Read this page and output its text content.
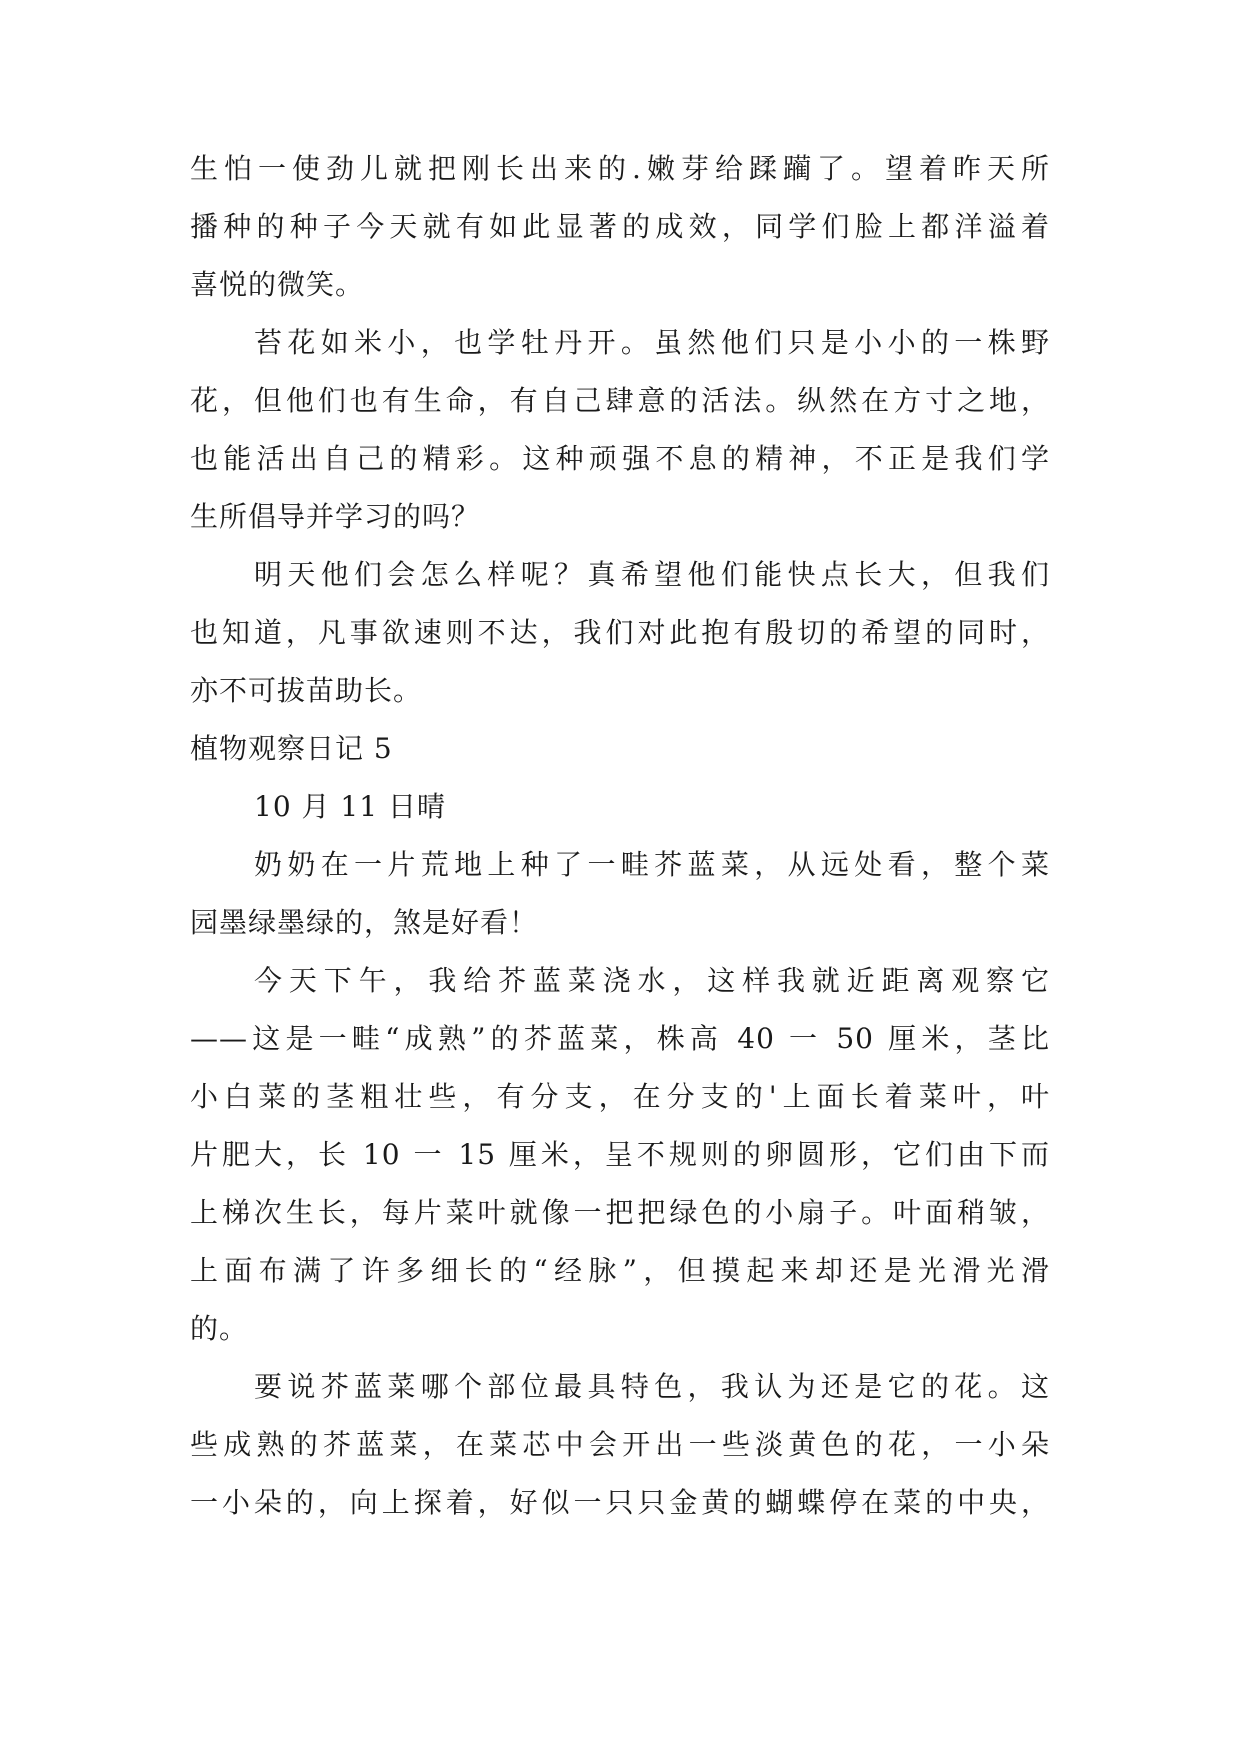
生怕一使劲儿就把刚长出来的.嫩芽给蹂躏了。望着昨天所
播种的种子今天就有如此显著的成效，同学们脸上都洋溢着
喜悦的微笑。
苔花如米小，也学牡丹开。虽然他们只是小小的一株野
花，但他们也有生命，有自己肆意的活法。纵然在方寸之地，
也能活出自己的精彩。这种顽强不息的精神，不正是我们学
生所倡导并学习的吗？
明天他们会怎么样呢？真希望他们能快点长大，但我们
也知道，凡事欲速则不达，我们对此抱有殷切的希望的同时，
亦不可拔苗助长。
植物观察日记 5
10 月 11 日晴
奶奶在一片荒地上种了一畦芥蓝菜，从远处看，整个菜
园墨绿墨绿的，煞是好看！
今天下午，我给芥蓝菜浇水，这样我就近距离观察它
——这是一畦“成熟”的芥蓝菜，株高 40 一 50 厘米，茎比
小白菜的茎粗壮些，有分支，在分支的'上面长着菜叶，叶
片肥大，长 10 一 15 厘米，呈不规则的卵圆形，它们由下而
上梯次生长，每片菜叶就像一把把绿色的小扇子。叶面稍皱，
上面布满了许多细长的“经脉”，但摸起来却还是光滑光滑
的。
要说芥蓝菜哪个部位最具特色，我认为还是它的花。这
些成熟的芥蓝菜，在菜芯中会开出一些淡黄色的花，一小朵
一小朵的，向上探着，好似一只只金黄的蝴蝶停在菜的中央，
